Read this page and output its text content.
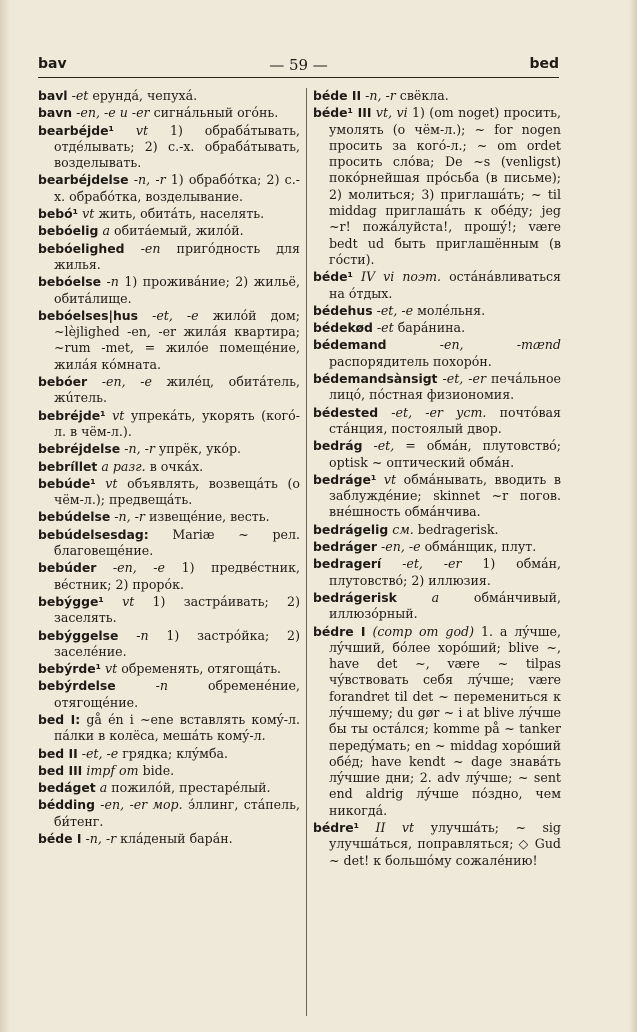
bav	— 59 —	bed
bavl -et ерундá, чепухá.
bavn -en, -e и -er сигнáльный огóнь.
bearbéjde¹ vt 1) обрабáтывать, отдéлывать; 2) с.-х. обрабáтывать, возделывать.
bearbéjdelse -n, -r 1) обрабóтка; 2) с.-х. обрабóтка, возделывание.
bebó¹ vt жить, обитáть, населять.
bebóelig a обитáемый, жилóй.
bebóelighed -en пригóдность для жилья.
bebóelse -n 1) проживáние; 2) жильё, обитáлище.
bebóelses|hus -et, -e жилóй дом; ~lèjlighed -en, -er жилáя квартира; ~rum -met, = жилóе помещéние, жилáя кóмната.
bebóer -en, -e жилéц, обитáтель, жúтель.
bebréjde¹ vt упрекáть, укорять (когó-л. в чём-л.).
bebréjdelse -n, -r упрёк, укóр.
bebríllet a разг. в очкáх.
bebúde¹ vt объявлять, возвещáть (о чём-л.); предвещáть.
bebúdelse -n, -r извещéние, весть.
bebúdelsesdag: Mariæ ~ рел. благовещéние.
bebúder -en, -e 1) предвéстник, вéстник; 2) прорóк.
bebýgge¹ vt 1) застрáивать; 2) заселять.
bebýggelse -n 1) застрóйка; 2) заселéние.
bebýrde¹ vt обременять, отягощáть.
bebýrdelse	-n	обременéние, отягощéние.
bed I: gå én i ~ene вставлять комý-л. пáлки в колёса, мешáть комý-л.
bed II -et, -e грядка; клýмба.
bed III impf om bide.
bedáget a пожилóй, престарéлый.
bédding -en, -er мор. э́ллинг, стáпель, би́тенг.
béde I -n, -r клáденый барáн.
béde II -n, -r свёкла.
béde¹ III vt, vi 1) (om noget) просить, умолять (о чём-л.); ~ for nogen просить за когó-л.; ~ om ordet просить слóва; De ~s (venligst) покóрнейшая прóсьба (в письме); 2) молиться; 3) приглашáть; ~ til middag приглашáть к обéду; jeg ~r! пожáлуйста!, прошý!; være bedt ud быть приглашённым (в гóсти).
béde¹ IV vi поэт. остáнáвливаться на óтдых.
bédehus -et, -e молéльня.
bédekød -et барáнина.
bédemand	-en, -mænd распорядитель похорóн.
bédemandsànsigt -et, -er печáльное лицó, пóстная физиономия.
bédested -et, -er уст. почтóвая стáнция, постоялый двор.
bedrág -et, = обмáн, плутовствó; optisk ~ оптический обмáн.
bedráge¹ vt обмáнывать, вводить в заблуждéние; skinnet ~r погов. внéшность обмáнчива.
bedrágelig см. bedragerisk.
bedráger -en, -e обмáнщик, плут.
bedragerí -et, -er 1) обмáн, плутовствó; 2) иллюзия.
bedrágerisk	a	обмáнчивый, иллюзóрный.
bédre I (comp om god) 1. a лýчше, лýчший, бóлее хорóший; blive ~, have det ~, være ~ tilpas чýвствовать себя лýчше; være forandret til det ~ перемениться к лýчшему; du gør ~ i at blive лýчше бы ты остáлся; komme på ~ tanker передýмать; en ~ middag хорóший обéд; have kendt ~ dage знавáть лýчшие дни; 2. adv лýчше; ~ sent end aldrig лýчше пóздно, чем никогдá.
bédre¹ II vt улучшáть; ~ sig улучшáться, поправляться; ◇ Gud ~ det! к большóму сожалéнию!
